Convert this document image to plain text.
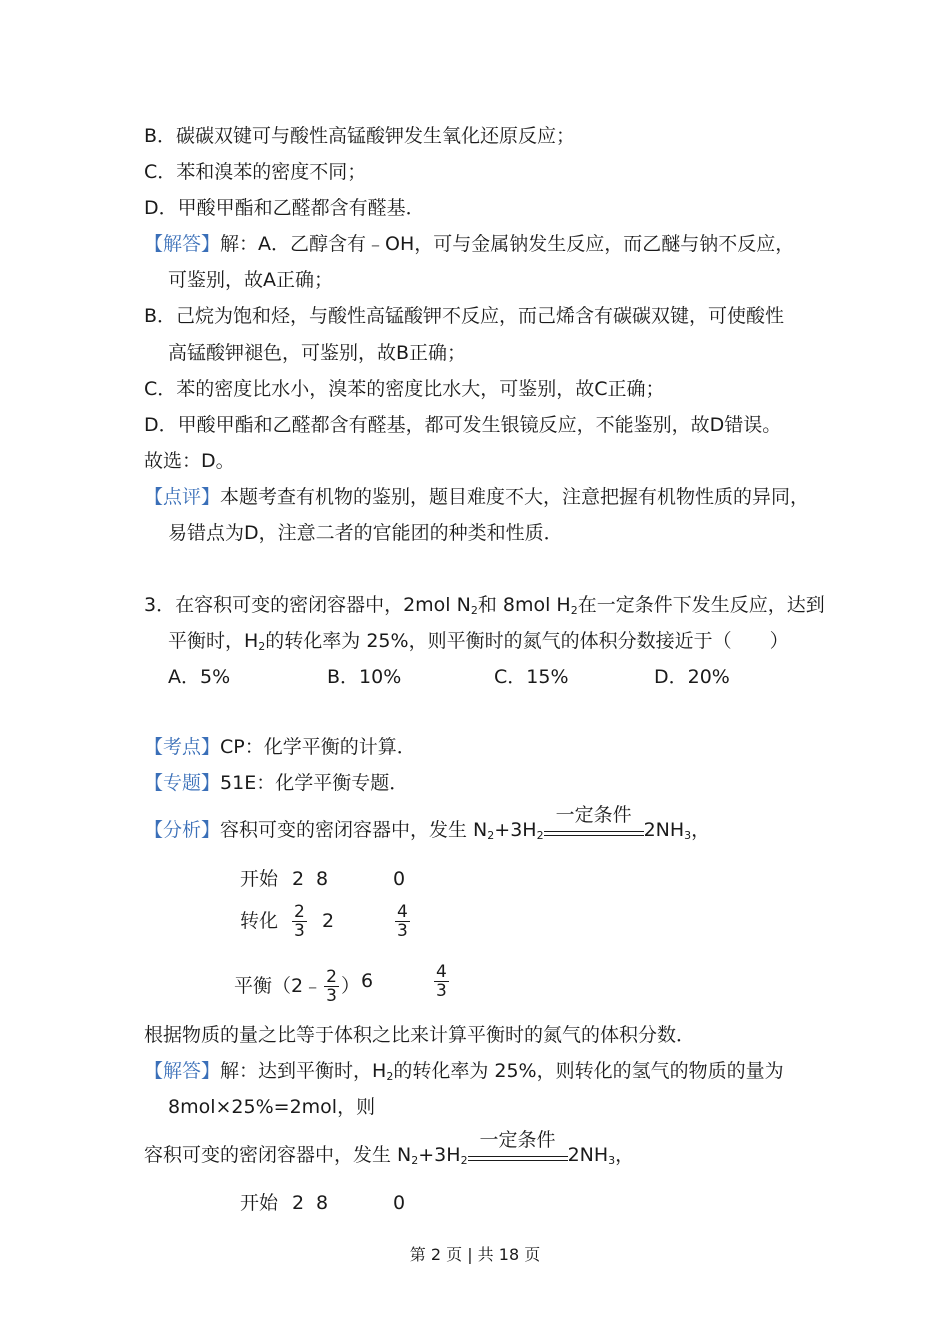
B．碳碳双键可与酸性高锰酸钾发生氧化还原反应；
C．苯和溴苯的密度不同；
D．甲酸甲酯和乙醛都含有醛基．
【解答】解：A．乙醇含有﹣OH，可与金属钠发生反应，而乙醚与钠不反应，
可鉴别，故A正确；
B．己烷为饱和烃，与酸性高锰酸钾不反应，而己烯含有碳碳双键，可使酸性
高锰酸钾褪色，可鉴别，故B正确；
C．苯的密度比水小，溴苯的密度比水大，可鉴别，故C正确；
D．甲酸甲酯和乙醛都含有醛基，都可发生银镜反应，不能鉴别，故D错误。
故选：D。
【点评】本题考查有机物的鉴别，题目难度不大，注意把握有机物性质的异同，
易错点为D，注意二者的官能团的种类和性质．
3．在容积可变的密闭容器中，2mol $N_2$和 8mol $H_2$在一定条件下发生反应，达到
平衡时，$H_2$的转化率为 25%，则平衡时的氮气的体积分数接近于（　　）
A．5%	B．10%	C．15%	D．20%
【考点】CP：化学平衡的计算．
【专题】51E：化学平衡专题．
【分析】容积可变的密闭容器中，发生 $N_2+3H_2$
一定条件
$2NH_3$，
开始 2 8	0
转化 $\frac{2}{3} 2$	$\frac{4}{3}$
平衡（2﹣ $\frac{2}{3}$ ） 6	$\frac{4}{3}$
根据物质的量之比等于体积之比来计算平衡时的氮气的体积分数．
【解答】解：达到平衡时，$H_2$的转化率为 25%，则转化的氢气的物质的量为
8mol×25%=2mol，则
容积可变的密闭容器中，发生 $N_2+3H_2$
一定条件
$2NH_3$，
开始 2 8	0
第 2 页 | 共 18 页
